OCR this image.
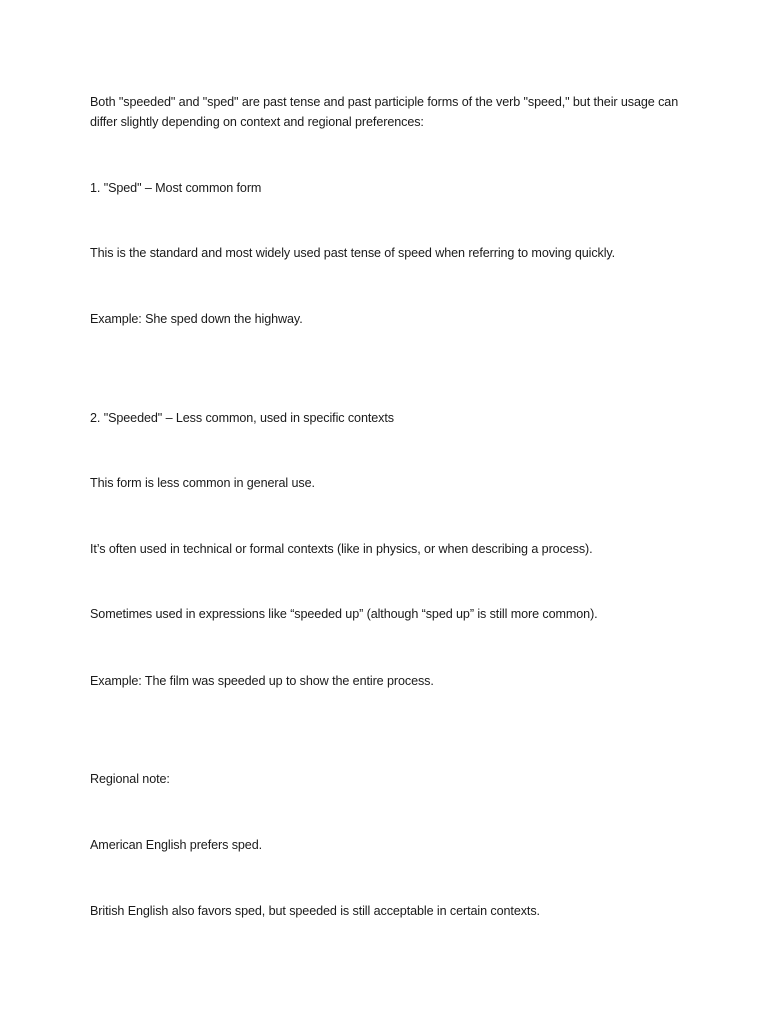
Both "speeded" and "sped" are past tense and past participle forms of the verb "speed," but their usage can differ slightly depending on context and regional preferences:

1. "Sped" – Most common form

This is the standard and most widely used past tense of speed when referring to moving quickly.

Example: She sped down the highway.

2. "Speeded" – Less common, used in specific contexts

This form is less common in general use.

It’s often used in technical or formal contexts (like in physics, or when describing a process).

Sometimes used in expressions like “speeded up” (although “sped up” is still more common).

Example: The film was speeded up to show the entire process.

Regional note:

American English prefers sped.

British English also favors sped, but speeded is still acceptable in certain contexts.
